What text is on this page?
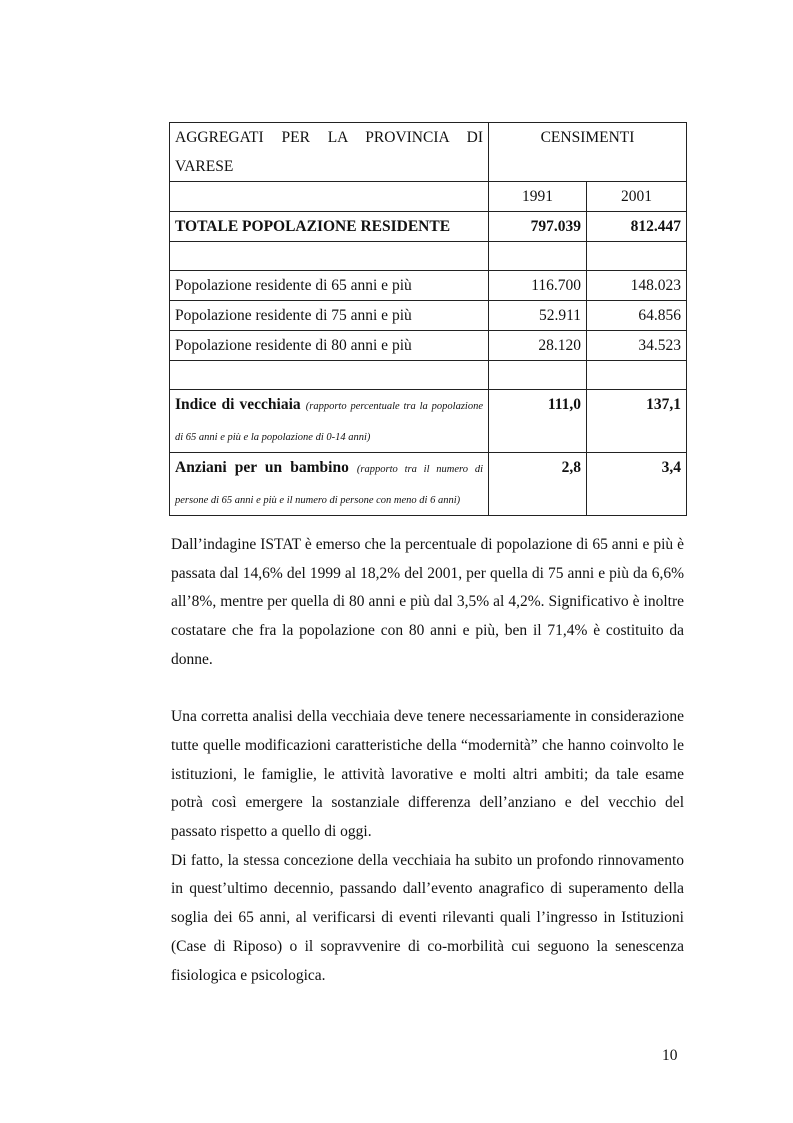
AGGREGATI PER LA PROVINCIA DI VARESE	CENSIMENTI	
	1991	2001
TOTALE POPOLAZIONE RESIDENTE	797.039	812.447

Popolazione residente di 65 anni e più	116.700	148.023
Popolazione residente di 75 anni e più	52.911	64.856
Popolazione residente di 80 anni e più	28.120	34.523

Indice di vecchiaia (rapporto percentuale tra la popolazione di 65 anni e più e la popolazione di 0-14 anni)	111,0	137,1
Anziani per un bambino (rapporto tra il numero di persone di 65 anni e più e il numero di persone con meno di 6 anni)	2,8	3,4

Dall’indagine ISTAT è emerso che la percentuale di popolazione di 65 anni e più è passata dal 14,6% del 1999 al 18,2% del 2001, per quella di 75 anni e più da 6,6% all’8%, mentre per quella di 80 anni e più dal 3,5% al 4,2%. Significativo è inoltre costatare che fra la popolazione con 80 anni e più, ben il 71,4% è costituito da donne.

Una corretta analisi della vecchiaia deve tenere necessariamente in considerazione tutte quelle modificazioni caratteristiche della “modernità” che hanno coinvolto le istituzioni, le famiglie, le attività lavorative e molti altri ambiti; da tale esame potrà così emergere la sostanziale differenza dell’anziano e del vecchio del passato rispetto a quello di oggi.

Di fatto, la stessa concezione della vecchiaia ha subito un profondo rinnovamento in quest’ultimo decennio, passando dall’evento anagrafico di superamento della soglia dei 65 anni, al verificarsi di eventi rilevanti quali l’ingresso in Istituzioni (Case di Riposo) o il sopravvenire di co-morbilità cui seguono la senescenza fisiologica e psicologica.

10
